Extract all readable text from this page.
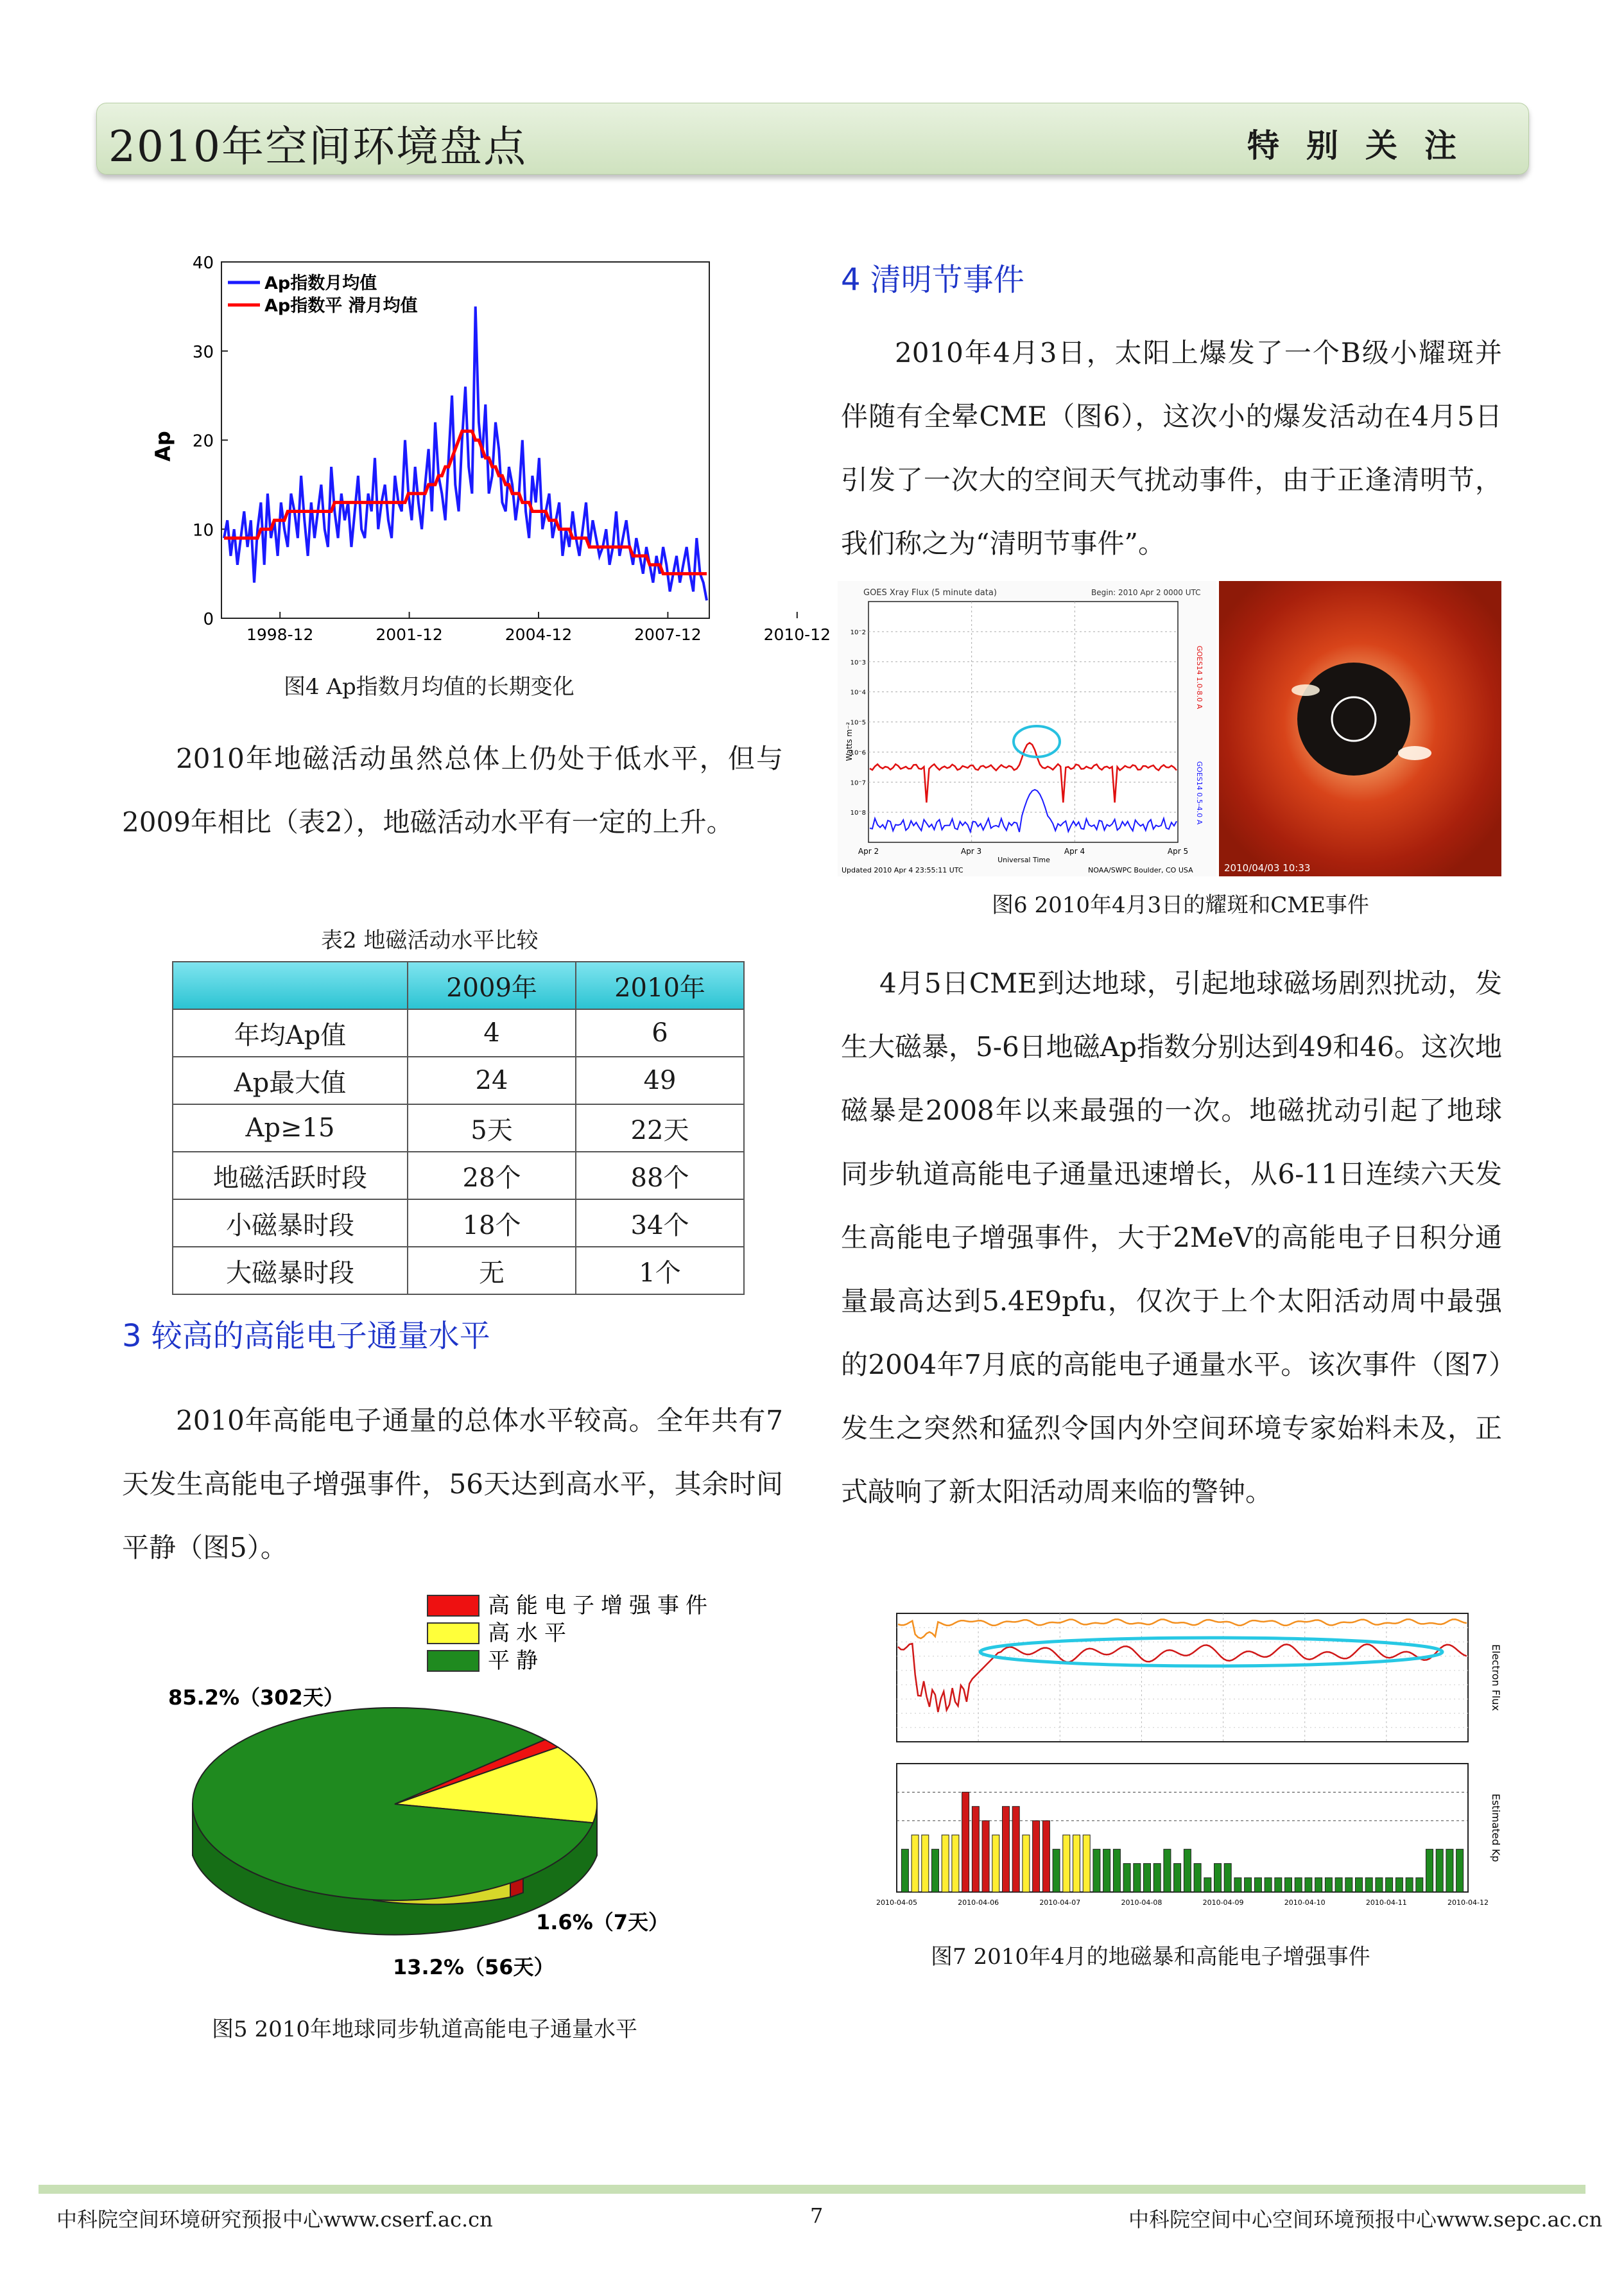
2010年空间环境盘点	特别关注
0
10
20
30
40
1998-12	2001-12	2004-12	2007-12	2010-12
Ap
Ap指数月均值
Ap指数平 滑月均值
图4 Ap指数月均值的长期变化
2010年地磁活动虽然总体上仍处于低水平，但与2009年相比（表2），地磁活动水平有一定的上升。
表2 地磁活动水平比较
	2009年	2010年
年均Ap值	4	6
Ap最大值	24	49
Ap≥15	5天	22天
地磁活跃时段	28个	88个
小磁暴时段	18个	34个
大磁暴时段	无	1个
3 较高的高能电子通量水平
2010年高能电子通量的总体水平较高。全年共有7天发生高能电子增强事件，56天达到高水平，其余时间平静（图5）。
高能电子增强事件
高水平
平静
85.2%（302天）
1.6%（7天）
13.2%（56天）
图5 2010年地球同步轨道高能电子通量水平
4 清明节事件
2010年4月3日，太阳上爆发了一个B级小耀斑并伴随有全晕CME（图6），这次小的爆发活动在4月5日引发了一次大的空间天气扰动事件，由于正逢清明节，我们称之为“清明节事件”。
GOES Xray Flux (5 minute data)	Begin: 2010 Apr 2 0000 UTC
10⁻2
10⁻3
10⁻4
10⁻5
10⁻6
10⁻7
10⁻8
Watts m⁻²
GOES14 1.0-8.0 A
GOES14 0.5-4.0 A
Apr 2	Apr 3	Apr 4	Apr 5
Universal Time
Updated 2010 Apr 4 23:55:11 UTC	NOAA/SWPC Boulder, CO USA	2010/04/03 10:33
图6 2010年4月3日的耀斑和CME事件
4月5日CME到达地球，引起地球磁场剧烈扰动，发生大磁暴，5-6日地磁Ap指数分别达到49和46。这次地磁暴是2008年以来最强的一次。地磁扰动引起了地球同步轨道高能电子通量迅速增长，从6-11日连续六天发生高能电子增强事件，大于2MeV的高能电子日积分通量最高达到5.4E9pfu，仅次于上个太阳活动周中最强的2004年7月底的高能电子通量水平。该次事件（图7）发生之突然和猛烈令国内外空间环境专家始料未及，正式敲响了新太阳活动周来临的警钟。
Electron Flux
Estimated Kp
2010-04-05	2010-04-06	2010-04-07	2010-04-08	2010-04-09	2010-04-10	2010-04-11	2010-04-12
图7 2010年4月的地磁暴和高能电子增强事件
中科院空间环境研究预报中心www.cserf.ac.cn	7	中科院空间中心空间环境预报中心www.sepc.ac.cn
